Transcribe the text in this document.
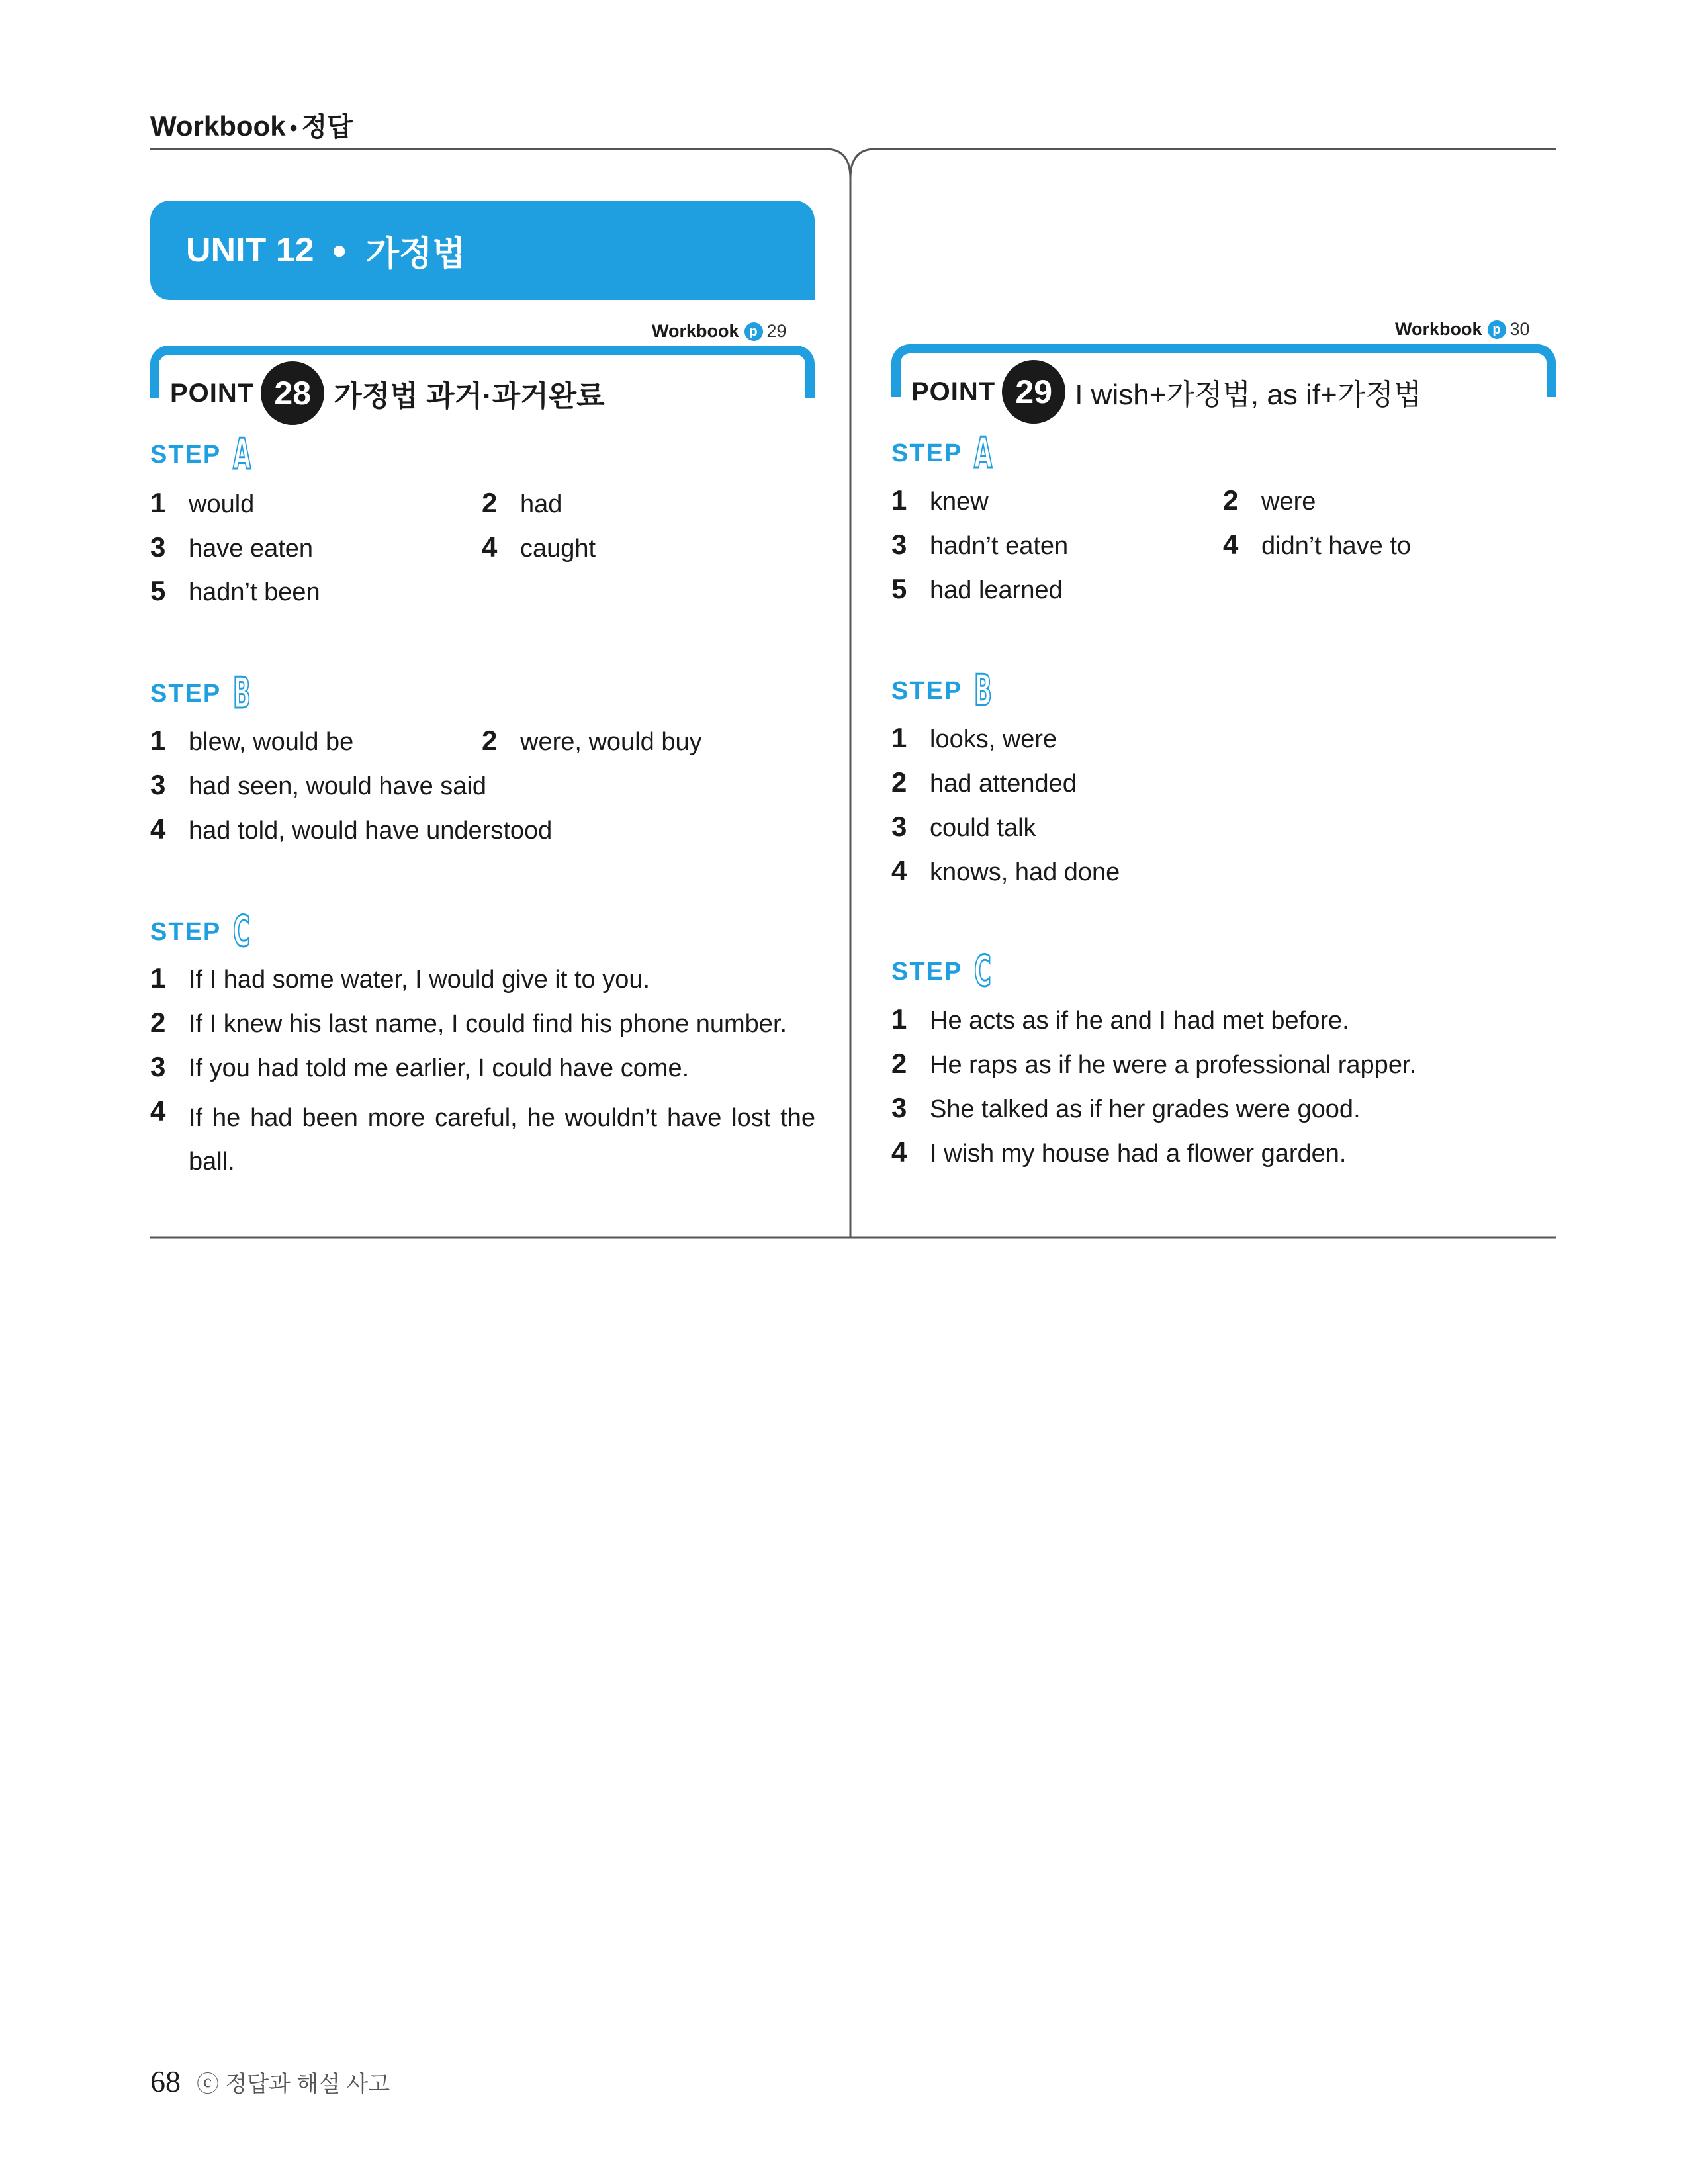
Workbook • 정답
UNIT 12 ● 가정법
Workbook p 29
POINT 28 가정법 과거·과거완료
STEP A
1 would	2 had
3 have eaten	4 caught
5 hadn’t been
STEP B
1 blew, would be	2 were, would buy
3 had seen, would have said
4 had told, would have understood
STEP C
1 If I had some water, I would give it to you.
2 If I knew his last name, I could find his phone number.
3 If you had told me earlier, I could have come.
4 If he had been more careful, he wouldn’t have lost the ball.
Workbook p 30
POINT 29 I wish+가정법, as if+가정법
STEP A
1 knew	2 were
3 hadn’t eaten	4 didn’t have to
5 had learned
STEP B
1 looks, were
2 had attended
3 could talk
4 knows, had done
STEP C
1 He acts as if he and I had met before.
2 He raps as if he were a professional rapper.
3 She talked as if her grades were good.
4 I wish my house had a flower garden.
68 ⓒ 정답과 해설 사고
